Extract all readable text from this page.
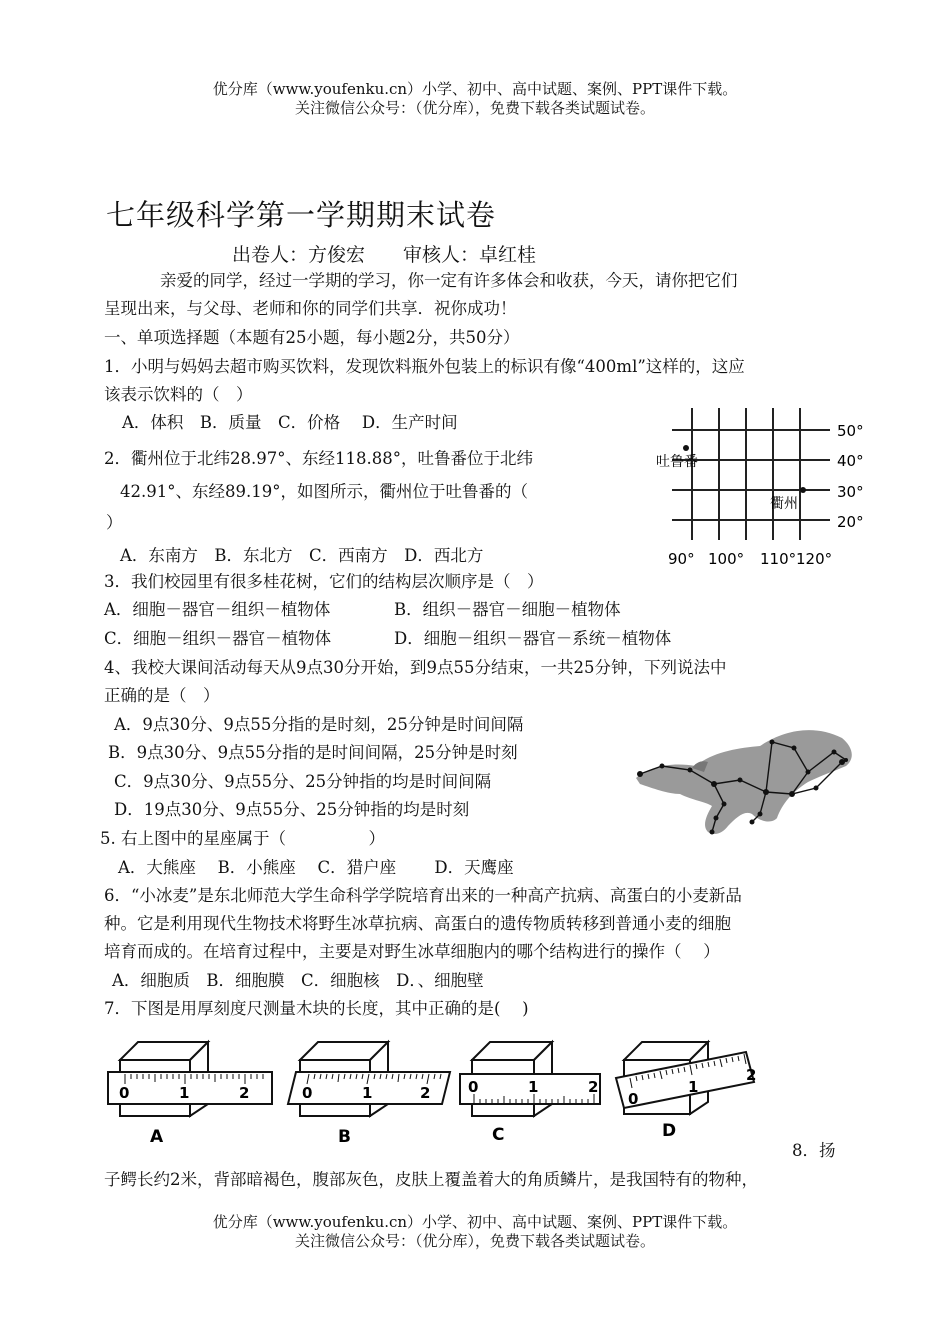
优分库（www.youfenku.cn）小学、初中、高中试题、案例、PPT课件下载。
关注微信公众号：（优分库），免费下载各类试题试卷。
七年级科学第一学期期末试卷
出卷人：方俊宏　　审核人：卓红桂
亲爱的同学，经过一学期的学习，你一定有许多体会和收获，今天，请你把它们
呈现出来，与父母、老师和你的同学们共享．祝你成功！
一、单项选择题（本题有25小题，每小题2分，共50分）
1．小明与妈妈去超市购买饮料，发现饮料瓶外包装上的标识有像“400ml”这样的，这应
该表示饮料的（　）
A．体积　B．质量　C．价格　 D．生产时间
2．衢州位于北纬28.97°、东经118.88°，吐鲁番位于北纬
42.91°、东经89.19°，如图所示，衢州位于吐鲁番的（
）
A．东南方　B．东北方　C．西南方　D．西北方
吐鲁番
衢州
50°
40°
30°
20°
90° 100° 110° 120°
3．我们校园里有很多桂花树，它们的结构层次顺序是（　）
A．细胞－器官－组织－植物体	B．组织－器官－细胞－植物体
C．细胞－组织－器官－植物体	D．细胞－组织－器官－系统－植物体
4、我校大课间活动每天从9点30分开始，到9点55分结束，一共25分钟，下列说法中
正确的是（　）
A．9点30分、9点55分指的是时刻，25分钟是时间间隔
B．9点30分、9点55分指的是时间间隔，25分钟是时刻
C．9点30分、9点55分、25分钟指的均是时间间隔
D．19点30分、9点55分、25分钟指的均是时刻
5. 右上图中的星座属于（　　　　　）
A．大熊座　 B．小熊座　 C．猎户座　　 D．天鹰座
6．“小冰麦”是东北师范大学生命科学学院培育出来的一种高产抗病、高蛋白的小麦新品
种。它是利用现代生物技术将野生冰草抗病、高蛋白的遗传物质转移到普通小麦的细胞
培育而成的。在培育过程中，主要是对野生冰草细胞内的哪个结构进行的操作（　 ）
A．细胞质　B．细胞膜　C．细胞核　D．、细胞壁
7．下图是用厚刻度尺测量木块的长度，其中正确的是(　 )
0	1	2
A
0	1	2
B
0	1	2
C
0
1
2
D
8．扬
子鳄长约2米，背部暗褐色，腹部灰色，皮肤上覆盖着大的角质鳞片，是我国特有的物种，
优分库（www.youfenku.cn）小学、初中、高中试题、案例、PPT课件下载。
关注微信公众号：（优分库），免费下载各类试题试卷。
